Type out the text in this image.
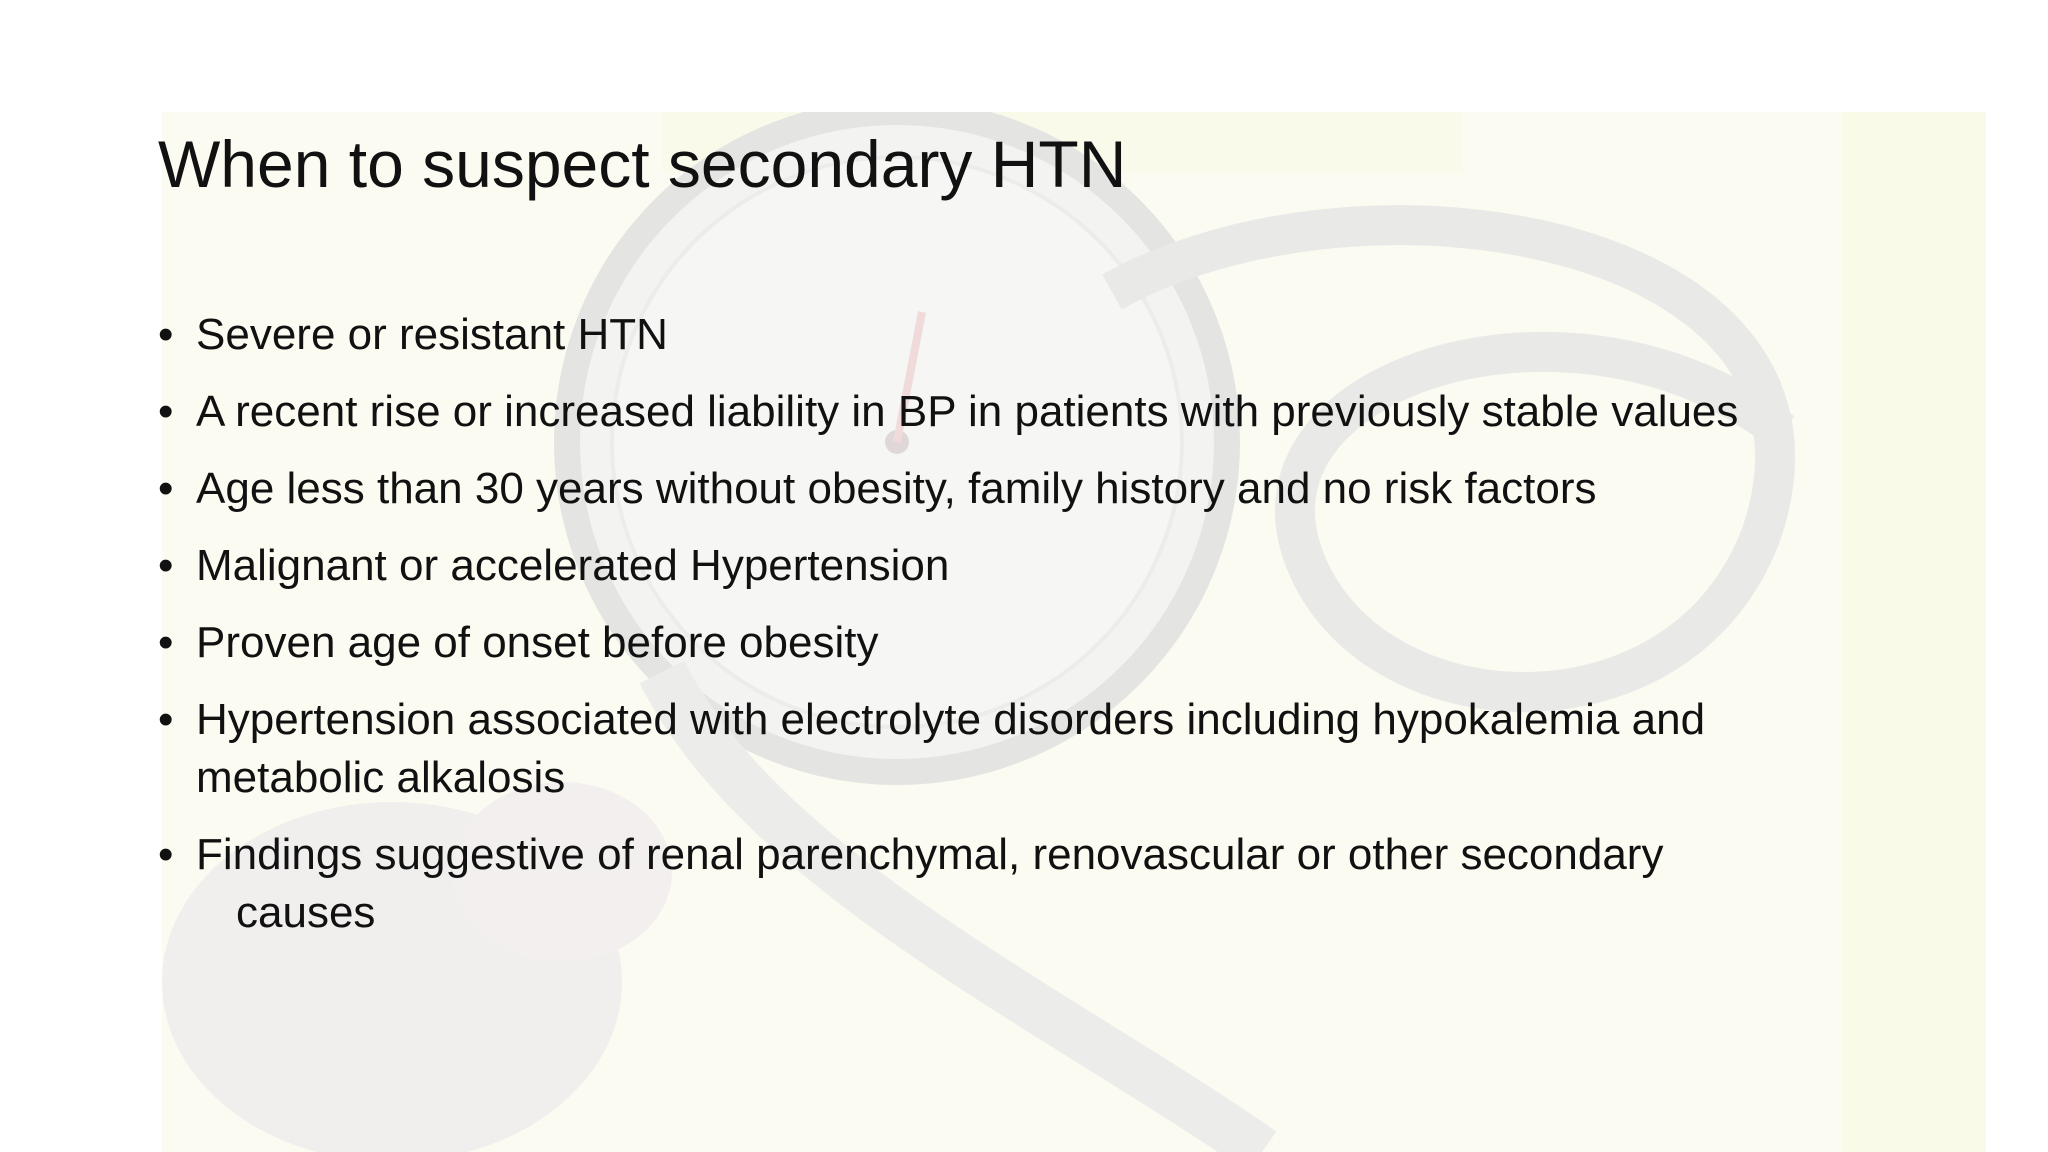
When to suspect secondary HTN
• Severe or resistant HTN
• A recent rise or increased liability in BP in patients with previously stable values
• Age less than 30 years without obesity, family history and no risk factors
• Malignant or accelerated Hypertension
• Proven age of onset before obesity
• Hypertension associated with electrolyte disorders including hypokalemia and
metabolic alkalosis
• Findings suggestive of renal parenchymal, renovascular or other secondary
causes
